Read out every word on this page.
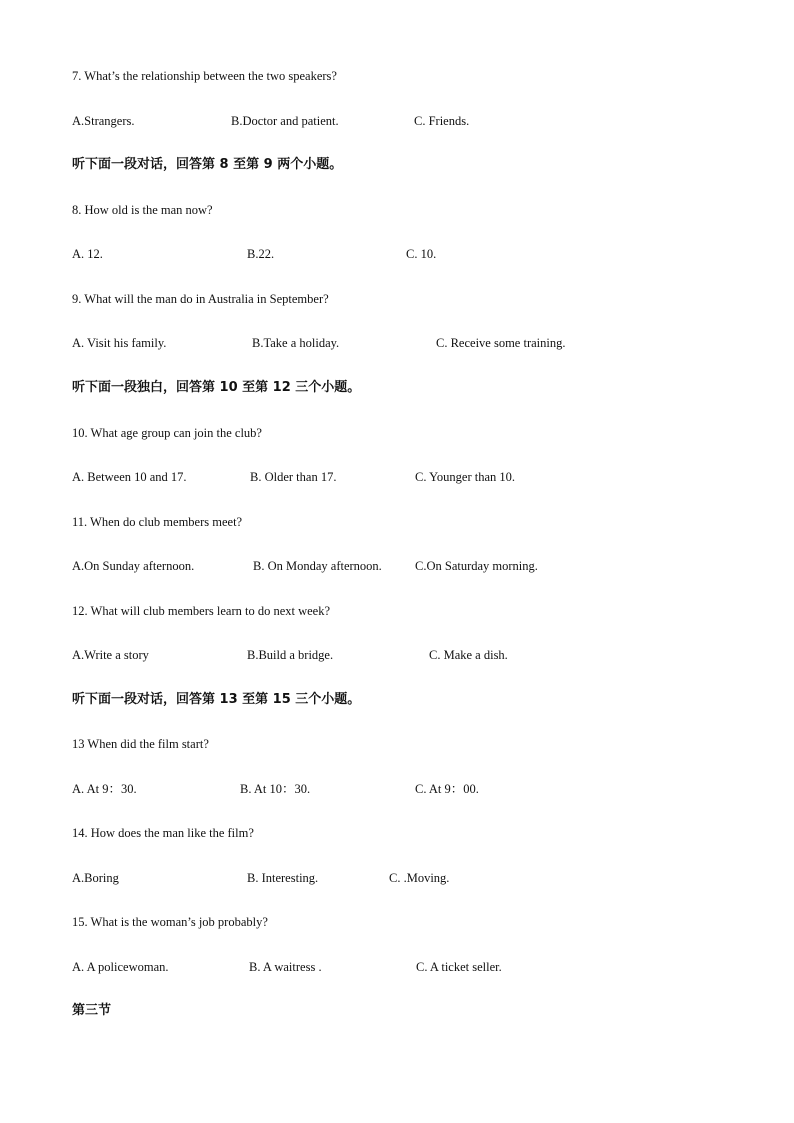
7. What’s the relationship between the two speakers?
A.Strangers.	B.Doctor and patient.	C. Friends.
听下面一段对话，回答第 8 至第 9 两个小题。
8. How old is the man now?
A. 12.	B.22.	C. 10.
9. What will the man do in Australia in September?
A. Visit his family.	B.Take a holiday.	C. Receive some training.
听下面一段独白，回答第 10 至第 12 三个小题。
10. What age group can join the club?
A. Between 10 and 17.	B. Older than 17.	C. Younger than 10.
11. When do club members meet?
A.On Sunday afternoon.	B. On Monday afternoon.	C.On Saturday morning.
12. What will club members learn to do next week?
A.Write a story	B.Build a bridge.	C. Make a dish.
听下面一段对话，回答第 13 至第 15 三个小题。
13 When did the film start?
A. At 9：30.	B. At 10：30.	C. At 9：00.
14. How does the man like the film?
A.Boring	B. Interesting.	C. .Moving.
15. What is the woman’s job probably?
A. A policewoman.	B. A waitress .	C. A ticket seller.
第三节
